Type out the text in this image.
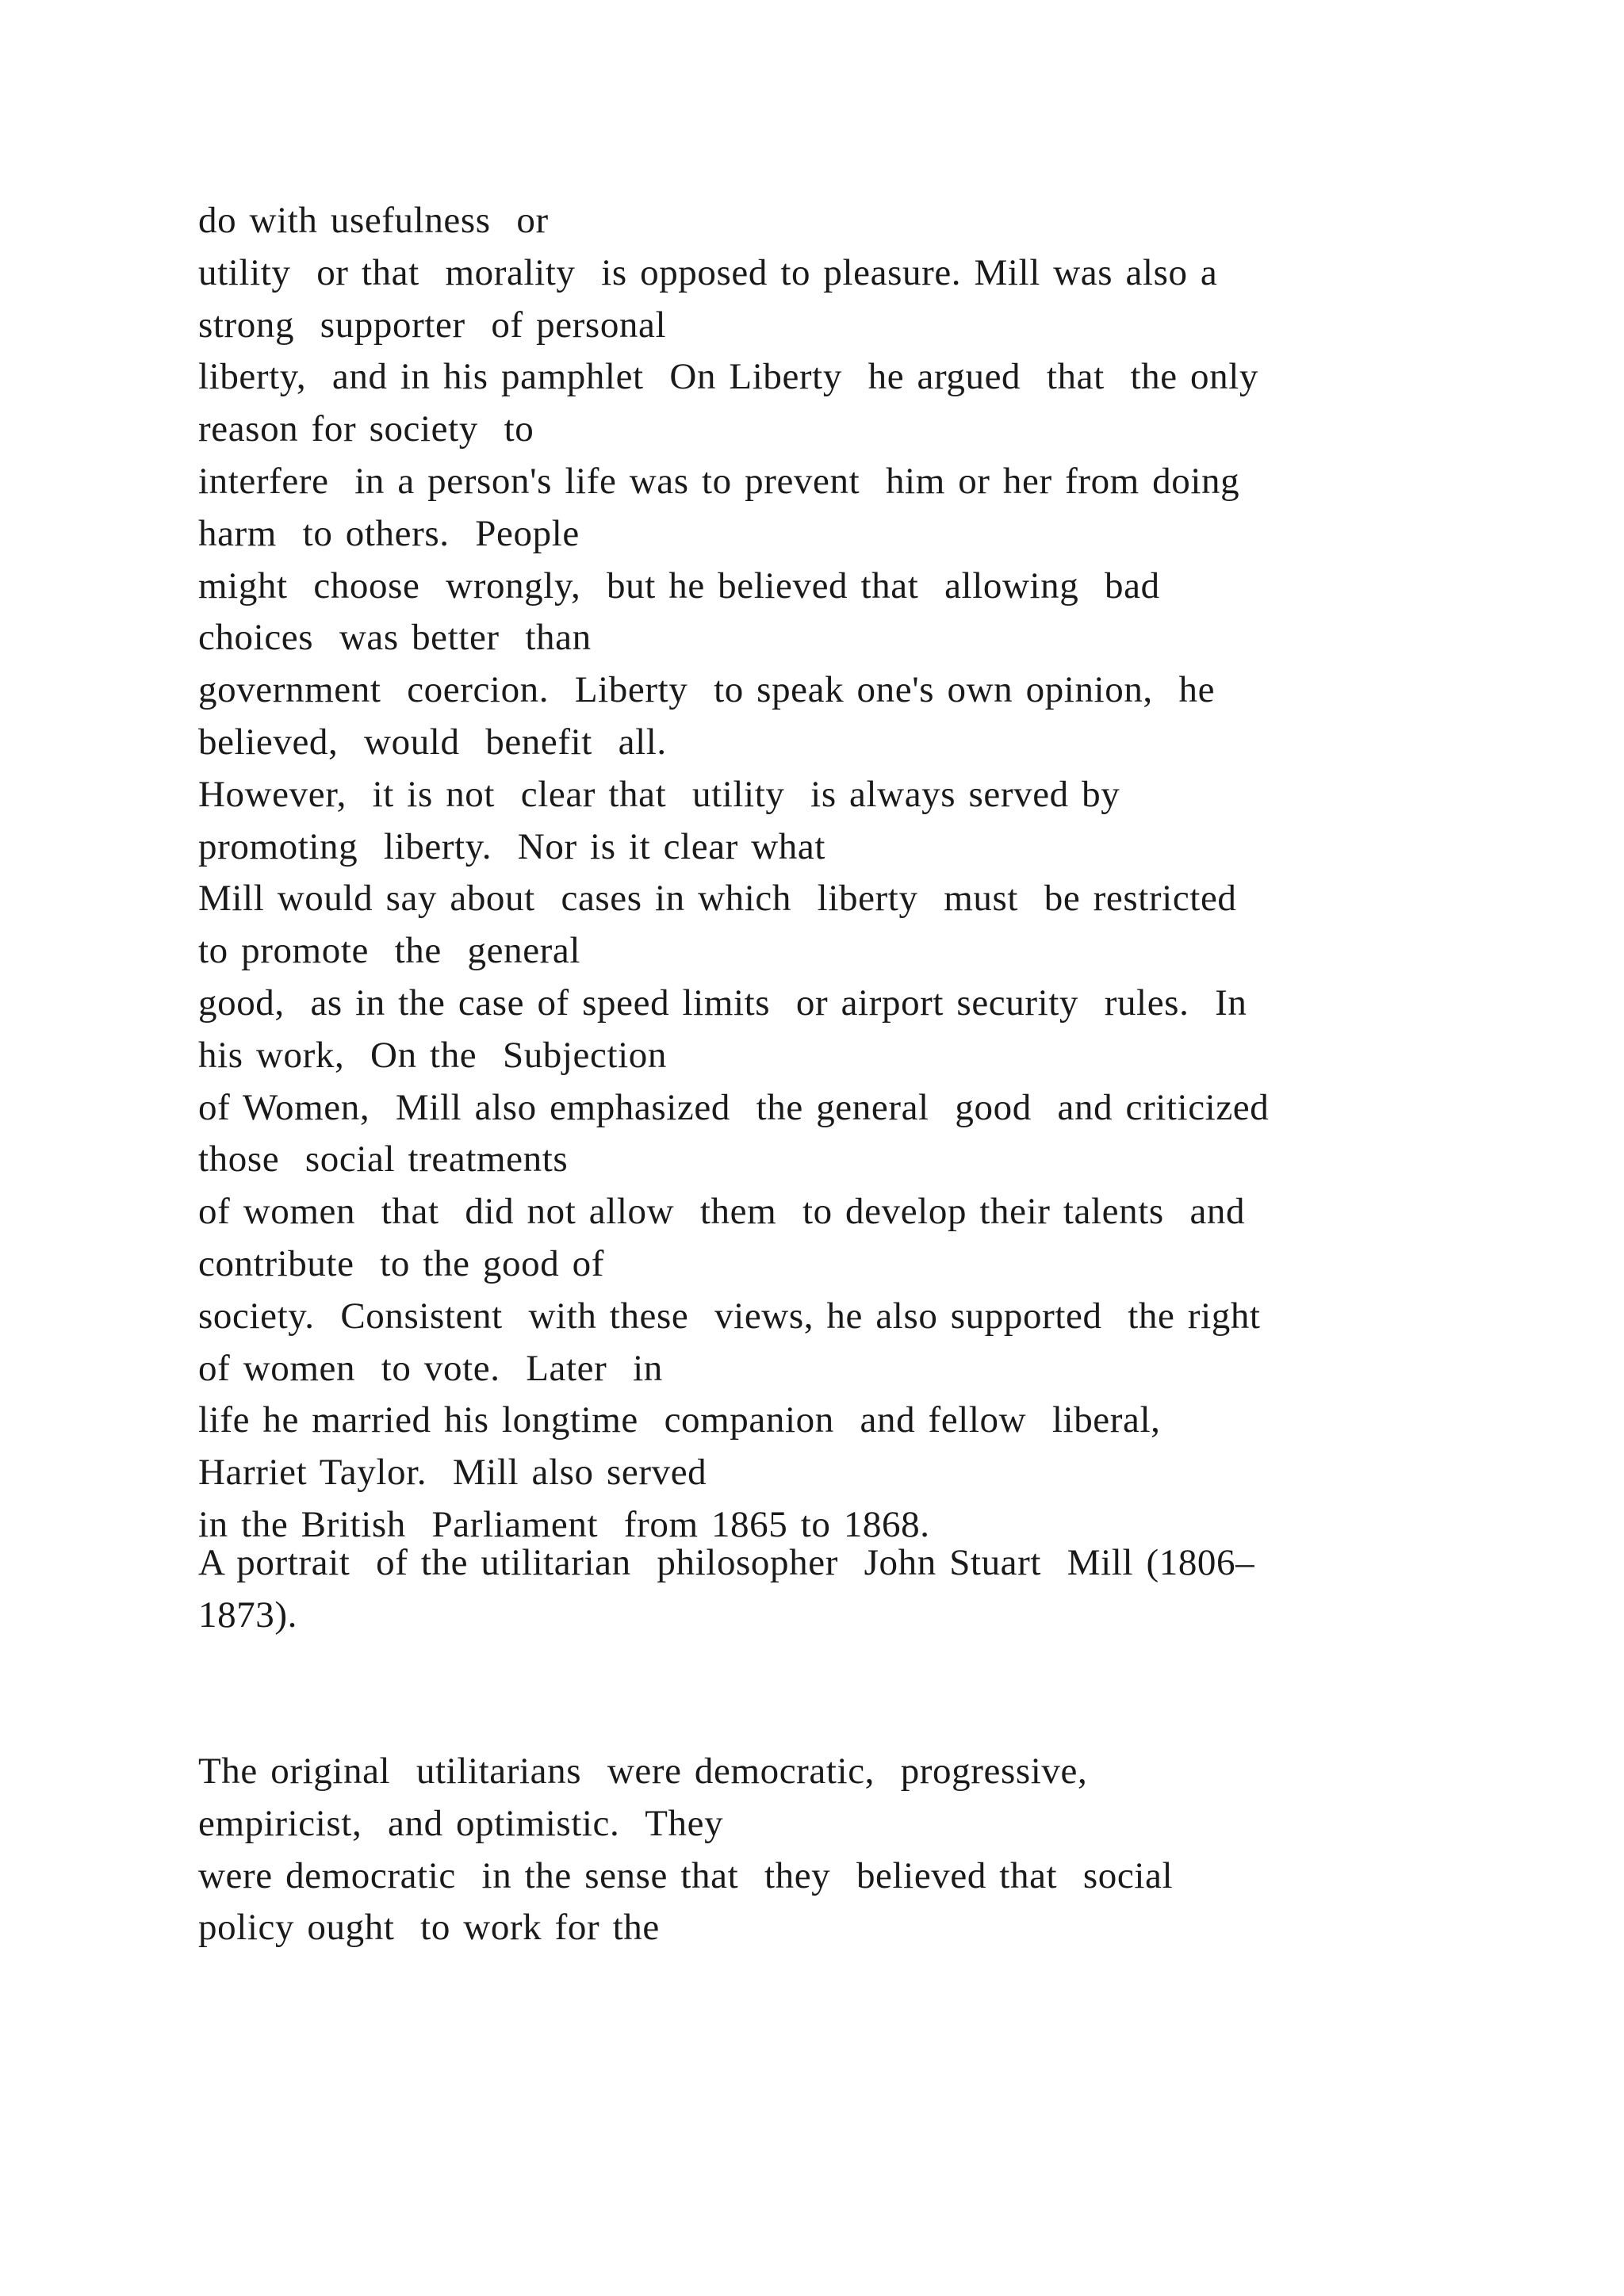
do with usefulness  or
utility  or that  morality  is opposed to pleasure. Mill was also a
strong  supporter  of personal
liberty,  and in his pamphlet  On Liberty  he argued  that  the only
reason for society  to
interfere  in a person's life was to prevent  him or her from doing
harm  to others.  People
might  choose  wrongly,  but he believed that  allowing  bad
choices  was better  than
government  coercion.  Liberty  to speak one's own opinion,  he
believed,  would  benefit  all.
However,  it is not  clear that  utility  is always served by
promoting  liberty.  Nor is it clear what
Mill would say about  cases in which  liberty  must  be restricted
to promote  the  general
good,  as in the case of speed limits  or airport security  rules.  In
his work,  On the  Subjection
of Women,  Mill also emphasized  the general  good  and criticized
those  social treatments
of women  that  did not allow  them  to develop their talents  and
contribute  to the good of
society.  Consistent  with these  views, he also supported  the right
of women  to vote.  Later  in
life he married his longtime  companion  and fellow  liberal,
Harriet Taylor.  Mill also served
in the British  Parliament  from 1865 to 1868.
A portrait  of the utilitarian  philosopher  John Stuart  Mill (1806–
1873).
The original  utilitarians  were democratic,  progressive,
empiricist,  and optimistic.  They
were democratic  in the sense that  they  believed that  social
policy ought  to work for the
